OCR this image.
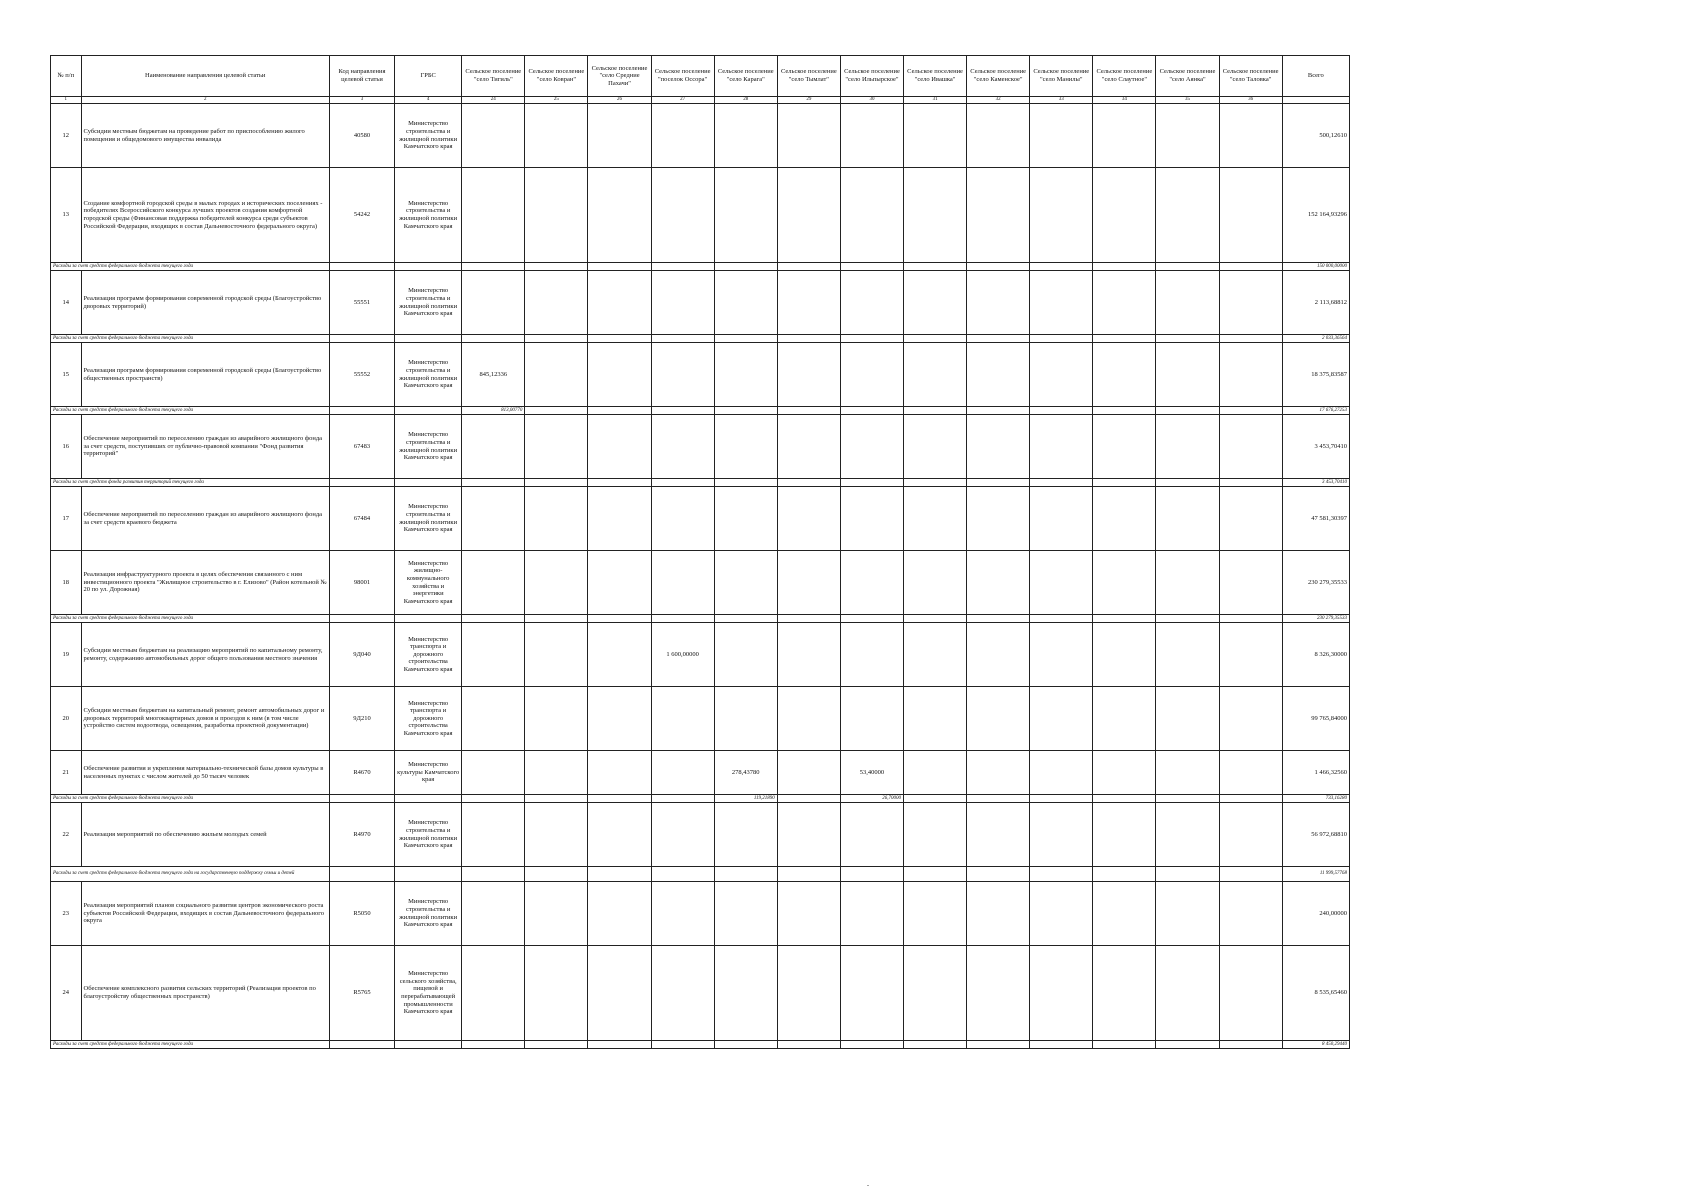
№ п/п	Наименование направления целевой статьи	Код направления целевой статьи	ГРБС	Сельское поселение "село Тигиль"	Сельское поселение "село Ковран"	Сельское поселение "село Средние Пахачи"	Сельское поселение "поселок Оссора"	Сельское поселение "село Карага"	Сельское поселение "село Тымлат"	Сельское поселение "село Ильпырское"	Сельское поселение "село Ивашка"	Сельское поселение "село Каменское"	Сельское поселение "село Манилы"	Сельское поселение "село Слаутное"	Сельское поселение "село Аянка"	Сельское поселение "село Таловка"	Всего
1	2	3	4	24	25	26	27	28	29	30	31	32	33	34	35	36	
12	Субсидии местным бюджетам на проведение работ по приспособлению жилого помещения и общедомового имущества инвалида	40580	Министерство строительства и жилищной политики Камчатского края														500,12610
13	Создание комфортной городской среды в малых городах и исторических поселениях - победителях Всероссийского конкурса лучших проектов создания комфортной городской среды (Финансовая поддержка победителей конкурса среди субъектов Российской Федерации, входящих в состав Дальневосточного федерального округа)	54242	Министерство строительства и жилищной политики Камчатского края														152 164,93296
Расходы за счет средств федерального бюджета текущего года																	150 000,00000
14	Реализация программ формирования современной городской среды (Благоустройство дворовых территорий)	55551	Министерство строительства и жилищной политики Камчатского края														2 113,68812
Расходы за счет средств федерального бюджета текущего года																	2 033,36564
15	Реализация программ формирования современной городской среды (Благоустройство общественных пространств)	55552	Министерство строительства и жилищной политики Камчатского края	845,12336													18 375,83587
Расходы за счет средств федерального бюджета текущего года				813,00770													17 676,27253
16	Обеспечение мероприятий по переселению граждан из аварийного жилищного фонда за счет средств, поступивших от публично-правовой компании "Фонд развития территорий"	67483	Министерство строительства и жилищной политики Камчатского края														3 453,70410
Расходы за счет средств фонда развития территорий текущего года																	3 453,70410
17	Обеспечение мероприятий по переселению граждан из аварийного жилищного фонда за счет средств краевого бюджета	67484	Министерство строительства и жилищной политики Камчатского края														47 581,30397
18	Реализация инфраструктурного проекта в целях обеспечения связанного с ним инвестиционного проекта "Жилищное строительство в г. Елизово" (Район котельной № 20 по ул. Дорожная)	98001	Министерство жилищно-коммунального хозяйства и энергетики Камчатского края														230 279,35533
Расходы за счет средств федерального бюджета текущего года																	230 279,35533
19	Субсидии местным бюджетам на реализацию мероприятий по капитальному ремонту, ремонту, содержанию автомобильных дорог общего пользования местного значения	9Д040	Министерство транспорта и дорожного строительства Камчатского края				1 600,00000										8 326,30000
20	Субсидии местным бюджетам на капитальный ремонт, ремонт автомобильных дорог и дворовых территорий многоквартирных домов и проездов к ним (в том числе устройство систем водоотвода, освещения, разработка проектной документации)	9Д210	Министерство транспорта и дорожного строительства Камчатского края														99 765,84000
21	Обеспечение развития и укрепления материально-технической базы домов культуры в населенных пунктах с числом жителей до 50 тысяч человек	R4670	Министерство культуры Камчатского края					278,43780		53,40000							1 466,32560
Расходы за счет средств федерального бюджета текущего года								119,21890		26,70000							733,16280
22	Реализация мероприятий по обеспечению жильем молодых семей	R4970	Министерство строительства и жилищной политики Камчатского края														56 972,68810
Расходы за счет средств федерального бюджета текущего года на государственную поддержку семьи и детей																	11 999,57768
23	Реализация мероприятий планов социального развития центров экономического роста субъектов Российской Федерации, входящих в состав Дальневосточного федерального округа	R5050	Министерство строительства и жилищной политики Камчатского края														240,00000
24	Обеспечение комплексного развития сельских территорий (Реализация проектов по благоустройству общественных пространств)	R5765	Министерство сельского хозяйства, пищевой и перерабатывающей промышленности Камчатского края														8 535,65460
Расходы за счет средств федерального бюджета текущего года																	8 450,29440
.
